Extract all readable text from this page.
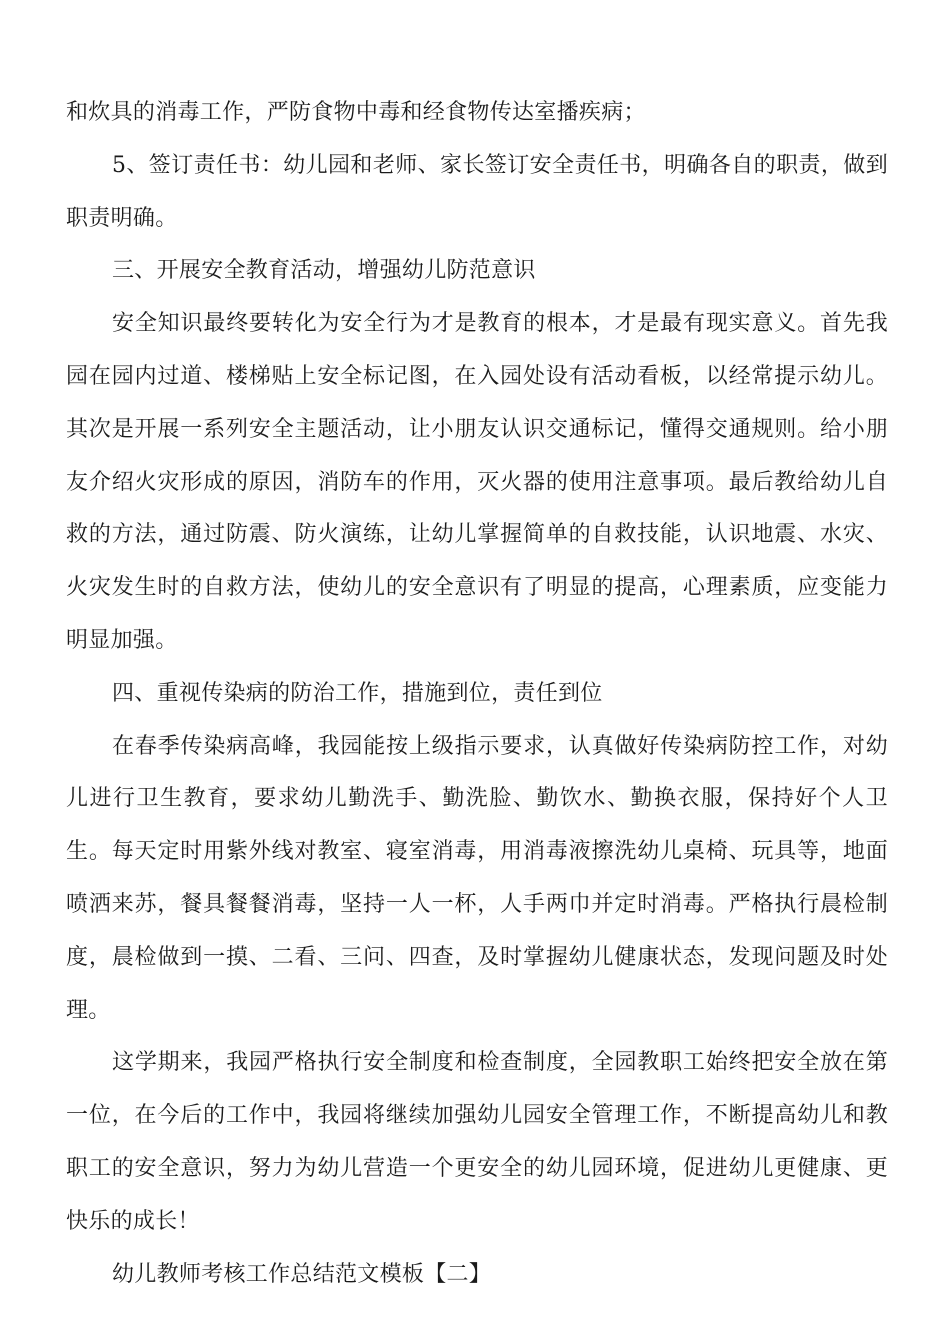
和炊具的消毒工作，严防食物中毒和经食物传达室播疾病；

5、签订责任书：幼儿园和老师、家长签订安全责任书，明确各自的职责，做到职责明确。

三、开展安全教育活动，增强幼儿防范意识

安全知识最终要转化为安全行为才是教育的根本，才是最有现实意义。首先我园在园内过道、楼梯贴上安全标记图，在入园处设有活动看板，以经常提示幼儿。其次是开展一系列安全主题活动，让小朋友认识交通标记，懂得交通规则。给小朋友介绍火灾形成的原因，消防车的作用，灭火器的使用注意事项。最后教给幼儿自救的方法，通过防震、防火演练，让幼儿掌握简单的自救技能，认识地震、水灾、火灾发生时的自救方法，使幼儿的安全意识有了明显的提高，心理素质，应变能力明显加强。

四、重视传染病的防治工作，措施到位，责任到位

在春季传染病高峰，我园能按上级指示要求，认真做好传染病防控工作，对幼儿进行卫生教育，要求幼儿勤洗手、勤洗脸、勤饮水、勤换衣服，保持好个人卫生。每天定时用紫外线对教室、寝室消毒，用消毒液擦洗幼儿桌椅、玩具等，地面喷洒来苏，餐具餐餐消毒，坚持一人一杯，人手两巾并定时消毒。严格执行晨检制度，晨检做到一摸、二看、三问、四查，及时掌握幼儿健康状态，发现问题及时处理。

这学期来，我园严格执行安全制度和检查制度，全园教职工始终把安全放在第一位，在今后的工作中，我园将继续加强幼儿园安全管理工作，不断提高幼儿和教职工的安全意识，努力为幼儿营造一个更安全的幼儿园环境，促进幼儿更健康、更快乐的成长！

幼儿教师考核工作总结范文模板【二】
